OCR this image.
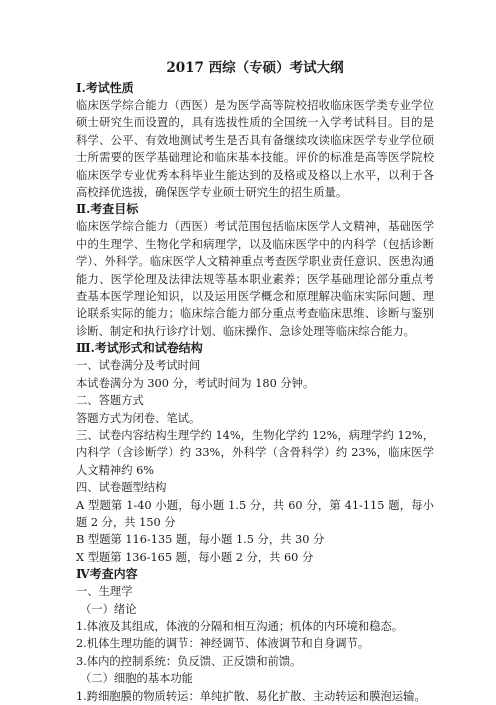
2017 西综（专硕）考试大纲
Ⅰ.考试性质
临床医学综合能力（西医）是为医学高等院校招收临床医学类专业学位硕士研究生而设置的，具有选拔性质的全国统一入学考试科目。目的是科学、公平、有效地测试考生是否具有备继续攻读临床医学专业学位硕士所需要的医学基础理论和临床基本技能。评价的标准是高等医学院校临床医学专业优秀本科毕业生能达到的及格或及格以上水平，以利于各高校择优选拔，确保医学专业硕士研究生的招生质量。
Ⅱ.考查目标
临床医学综合能力（西医）考试范围包括临床医学人文精神，基础医学中的生理学、生物化学和病理学，以及临床医学中的内科学（包括诊断学）、外科学。临床医学人文精神重点考查医学职业责任意识、医患沟通能力、医学伦理及法律法规等基本职业素养；医学基础理论部分重点考查基本医学理论知识，以及运用医学概念和原理解决临床实际问题、理论联系实际的能力；临床综合能力部分重点考查临床思维、诊断与鉴别诊断、制定和执行诊疗计划、临床操作、急诊处理等临床综合能力。
Ⅲ.考试形式和试卷结构
一、试卷满分及考试时间
本试卷满分为 300 分，考试时间为 180 分钟。
二、答题方式
答题方式为闭卷、笔试。
三、试卷内容结构生理学约 14%，生物化学约 12%，病理学约 12%，内科学（含诊断学）约 33%，外科学（含骨科学）约 23%，临床医学人文精神约 6%
四、试卷题型结构
A 型题第 1-40 小题，每小题 1.5 分，共 60 分，第 41-115 题，每小题 2 分，共 150 分
B 型题第 116-135 题，每小题 1.5 分，共 30 分
X 型题第 136-165 题，每小题 2 分，共 60 分
Ⅳ考查内容
一、生理学
（一）绪论
1.体液及其组成，体液的分隔和相互沟通；机体的内环境和稳态。
2.机体生理功能的调节：神经调节、体液调节和自身调节。
3.体内的控制系统：负反馈、正反馈和前馈。
（二）细胞的基本功能
1.跨细胞膜的物质转运：单纯扩散、易化扩散、主动转运和膜泡运输。
